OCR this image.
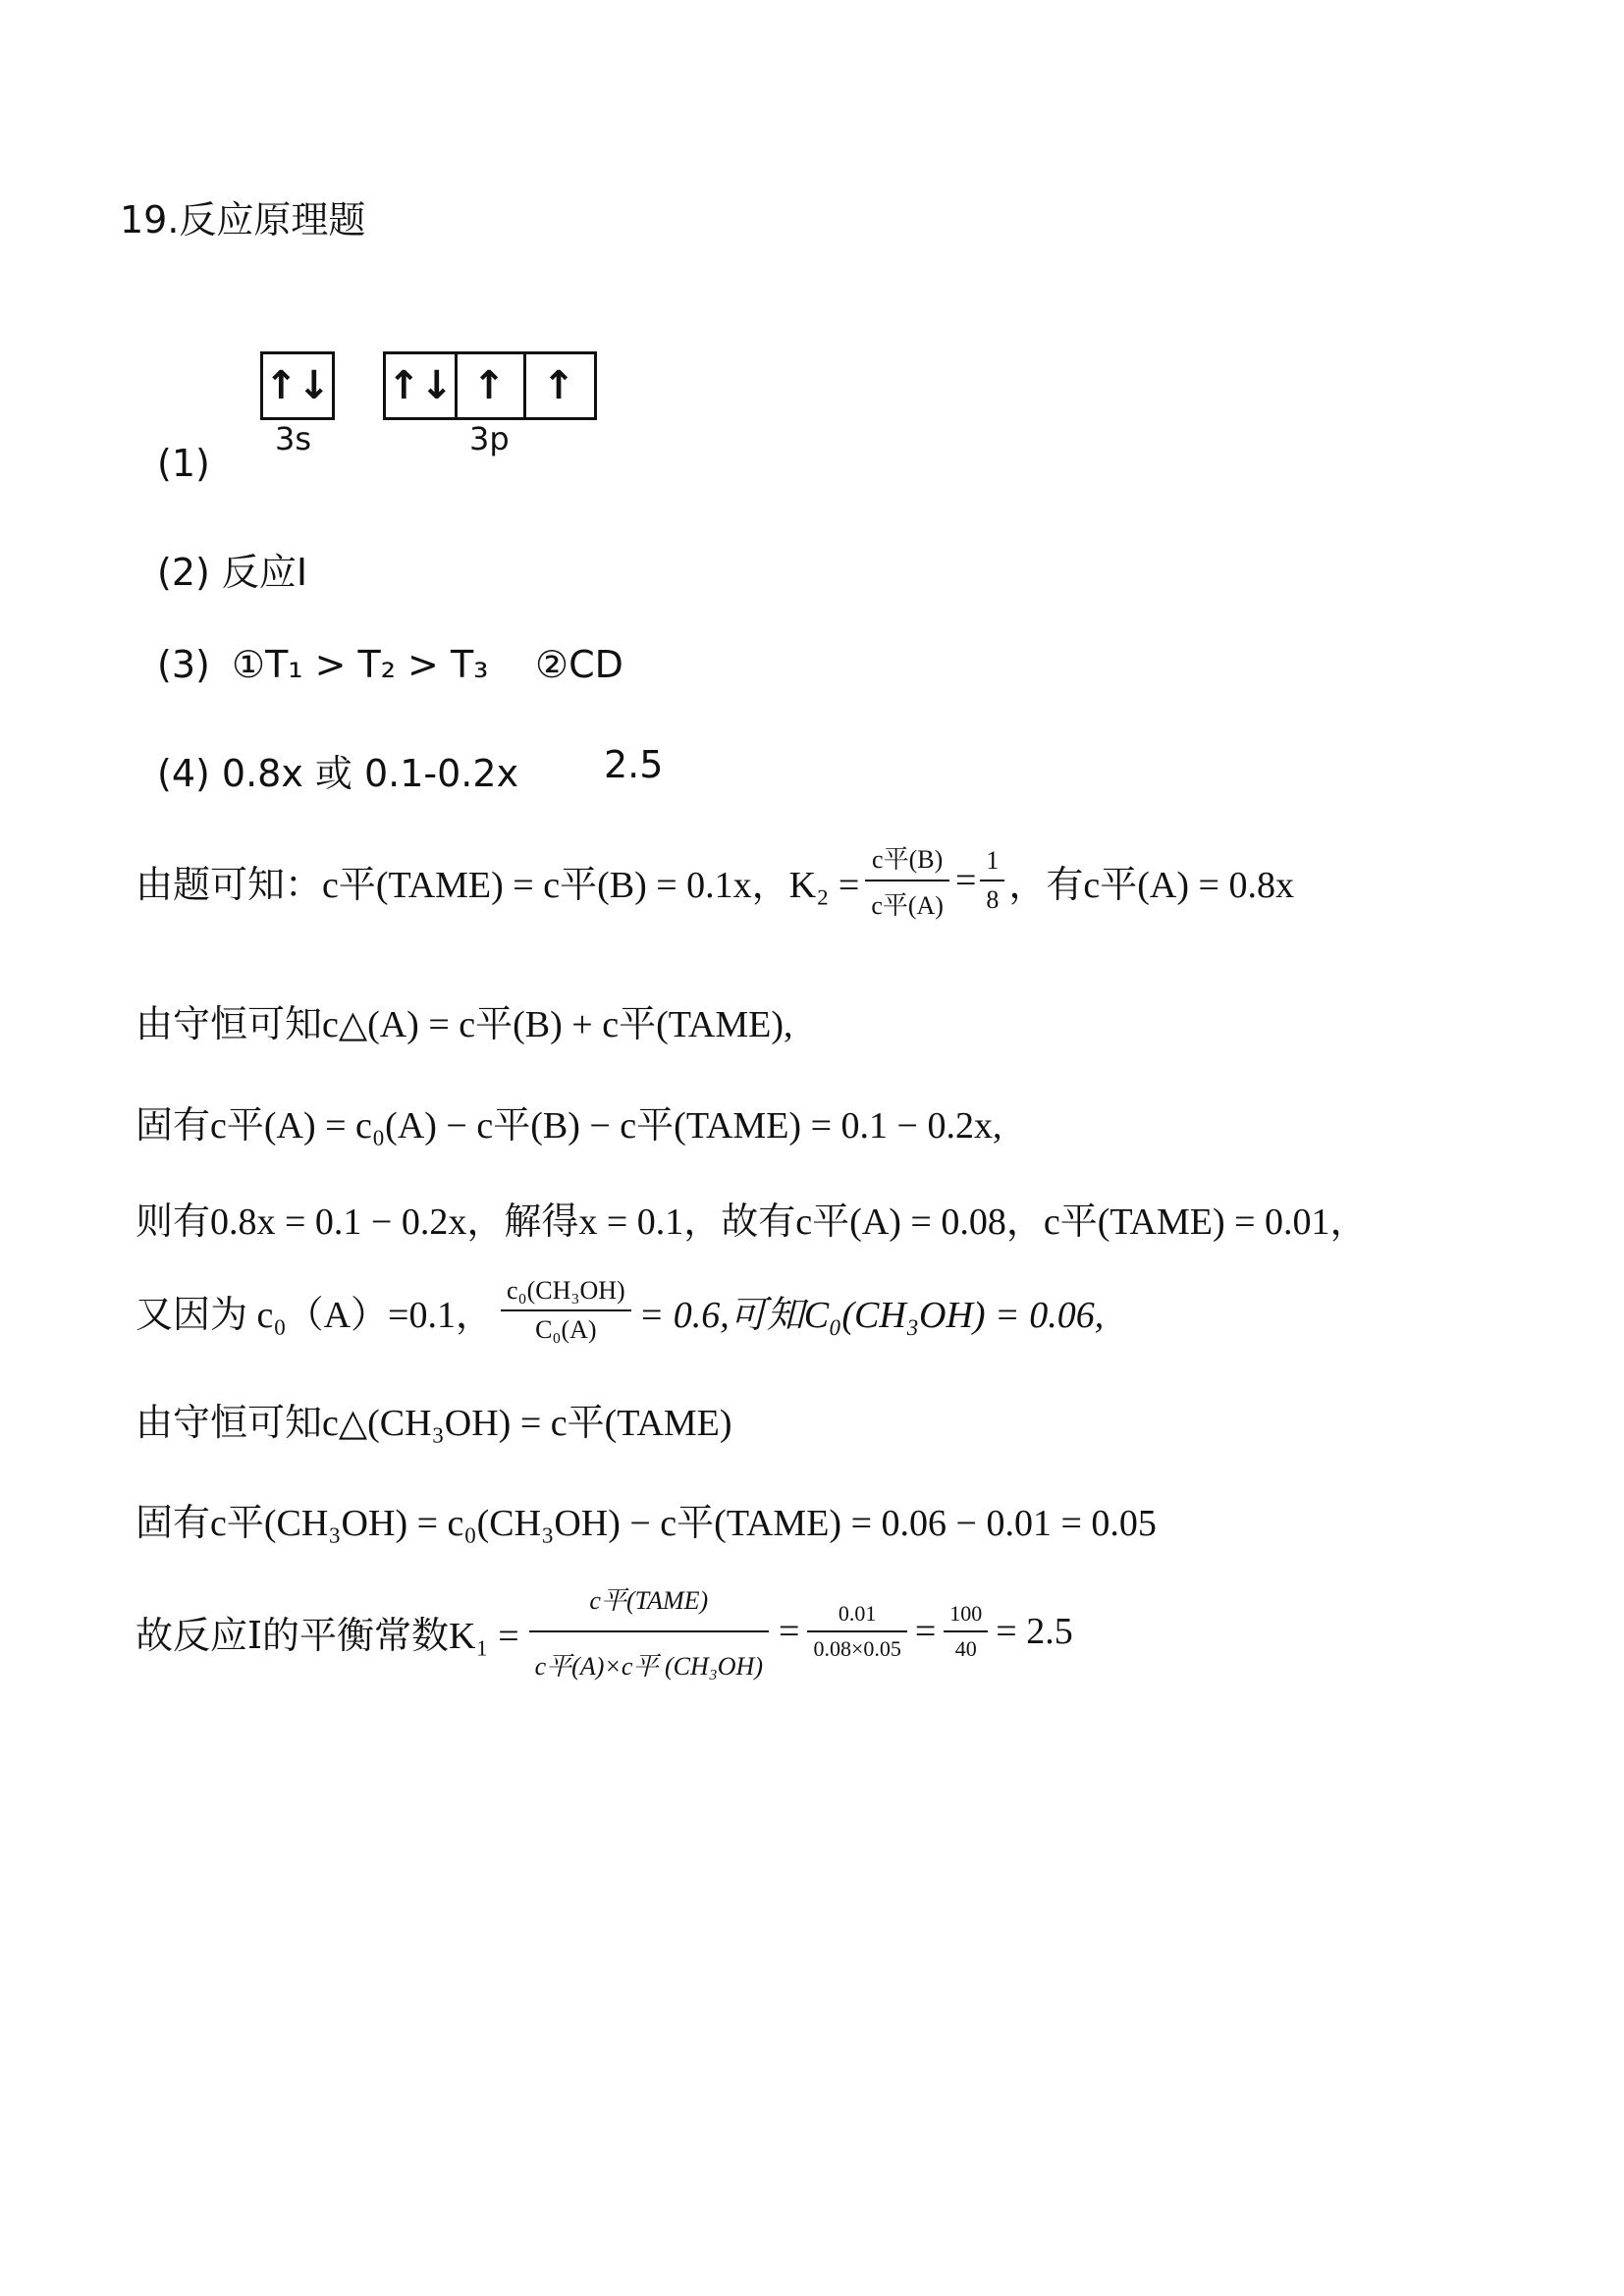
19.反应原理题
↑↓ ↑↓ ↑ ↑
3s	3p
(1)
(2) 反应Ⅰ
(3) ①T₁ > T₂ > T₃ ②CD
(4) 0.8x 或 0.1-0.2x 2.5
由题可知： c平(TAME) = c平(B) = 0.1x，$K_2 = \frac{\text{c平(B)}}{\text{c平(A)}} = \frac{1}{8}$ ，有c平(A) = 0.8x
由守恒可知c△(A) = c平(B) + c平(TAME),
固有c平(A) = c₀(A) − c平(B) − c平(TAME) = 0.1 − 0.2x,
则有0.8x = 0.1 − 0.2x，解得x = 0.1，故有c平(A) = 0.08，c平(TAME) = 0.01，
又因为 c₀（A）=0.1， $\frac{\text{c₀(CH₃OH)}}{\text{C₀(A)}} = 0.6$,可知C₀(CH₃OH) = 0.06,
由守恒可知c△(CH₃OH) = c平(TAME)
固有c平(CH₃OH) = c₀(CH₃OH) − c平(TAME) = 0.06 − 0.01 = 0.05
故反应Ⅰ的平衡常数$K_1 = \frac{\text{c平(TAME)}}{\text{c平(A)×c平 (CH₃OH)}} = \frac{0.01}{0.08\times 0.05} = \frac{100}{40} = 2.5$
